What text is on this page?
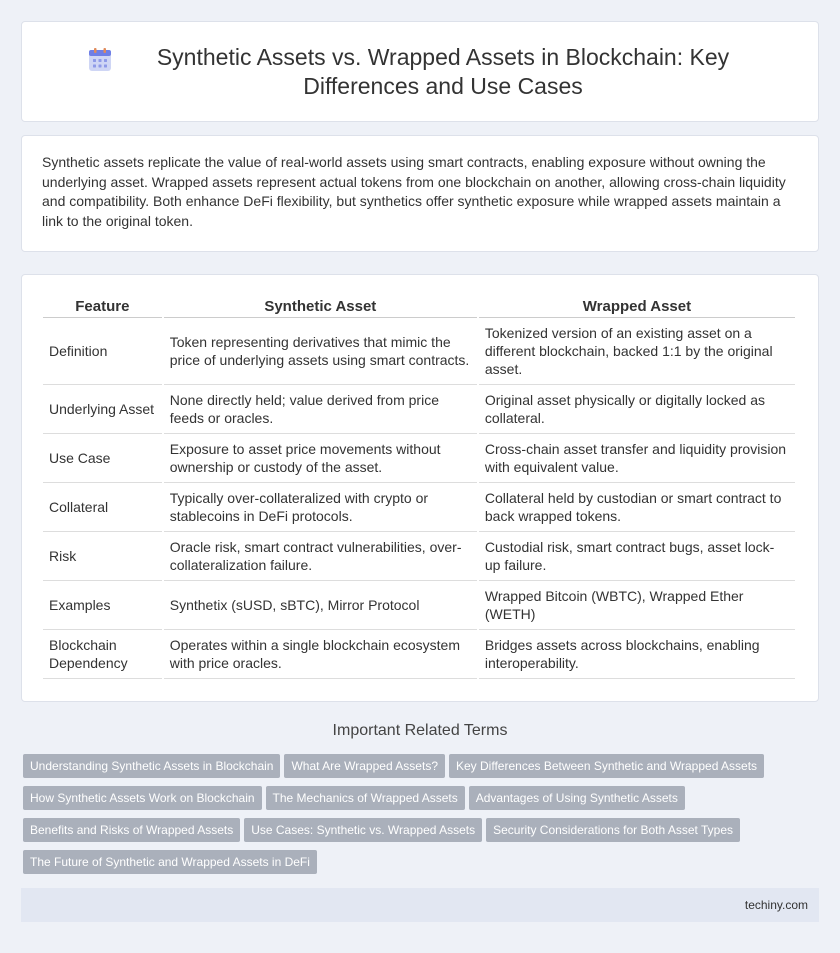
Synthetic Assets vs. Wrapped Assets in Blockchain: Key Differences and Use Cases

Synthetic assets replicate the value of real-world assets using smart contracts, enabling exposure without owning the underlying asset. Wrapped assets represent actual tokens from one blockchain on another, allowing cross-chain liquidity and compatibility. Both enhance DeFi flexibility, but synthetics offer synthetic exposure while wrapped assets maintain a link to the original token.

Feature	Synthetic Asset	Wrapped Asset
Definition	Token representing derivatives that mimic the price of underlying assets using smart contracts.	Tokenized version of an existing asset on a different blockchain, backed 1:1 by the original asset.
Underlying Asset	None directly held; value derived from price feeds or oracles.	Original asset physically or digitally locked as collateral.
Use Case	Exposure to asset price movements without ownership or custody of the asset.	Cross-chain asset transfer and liquidity provision with equivalent value.
Collateral	Typically over-collateralized with crypto or stablecoins in DeFi protocols.	Collateral held by custodian or smart contract to back wrapped tokens.
Risk	Oracle risk, smart contract vulnerabilities, over-collateralization failure.	Custodial risk, smart contract bugs, asset lock-up failure.
Examples	Synthetix (sUSD, sBTC), Mirror Protocol	Wrapped Bitcoin (WBTC), Wrapped Ether (WETH)
Blockchain Dependency	Operates within a single blockchain ecosystem with price oracles.	Bridges assets across blockchains, enabling interoperability.
Important Related Terms
Understanding Synthetic Assets in Blockchain What Are Wrapped Assets? Key Differences Between Synthetic and Wrapped Assets
How Synthetic Assets Work on Blockchain The Mechanics of Wrapped Assets Advantages of Using Synthetic Assets
Benefits and Risks of Wrapped Assets Use Cases: Synthetic vs. Wrapped Assets Security Considerations for Both Asset Types
The Future of Synthetic and Wrapped Assets in DeFi
techiny.com
